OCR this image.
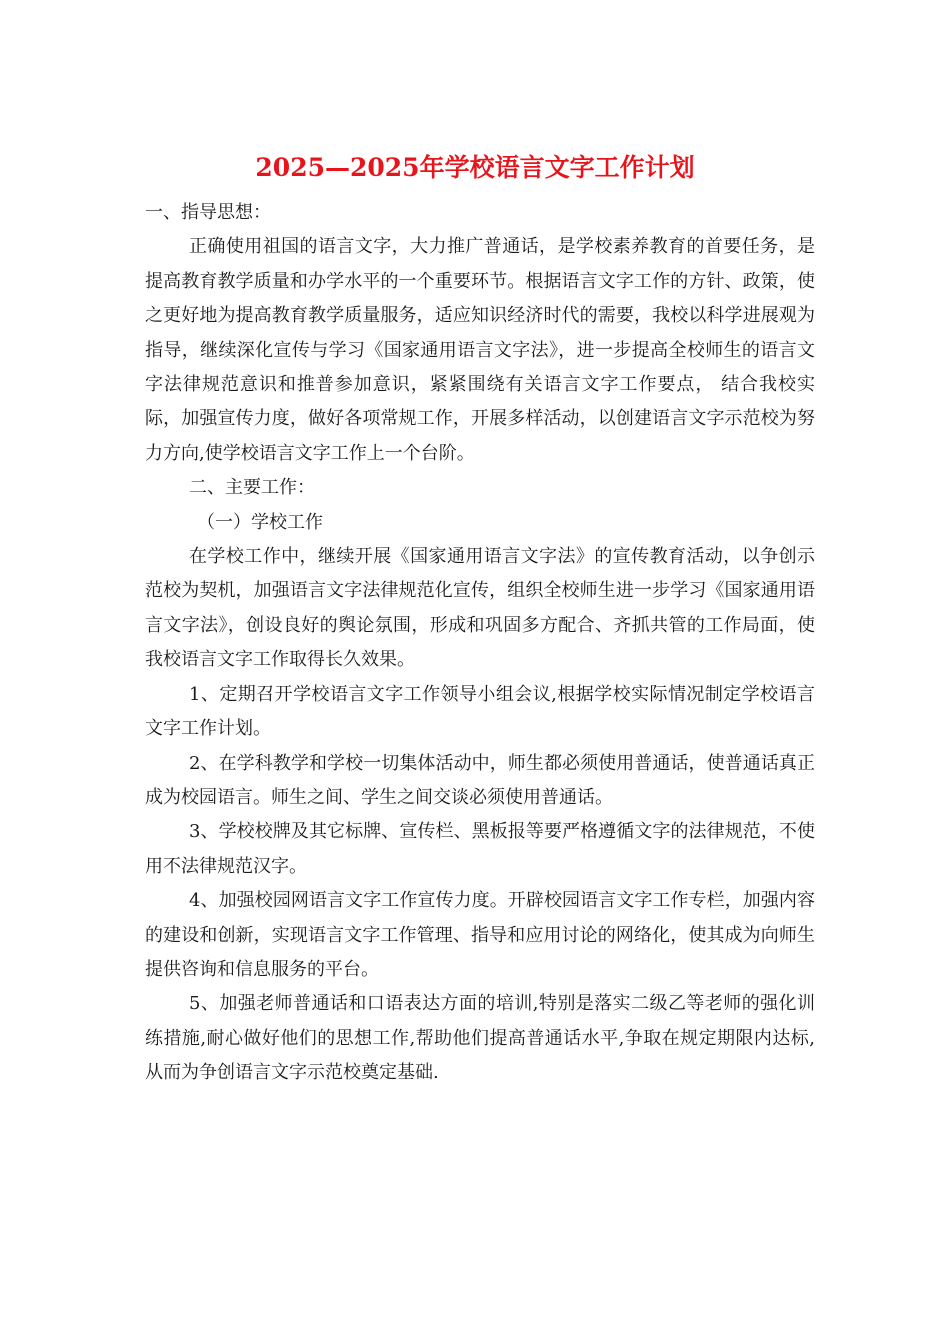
2025—2025年学校语言文字工作计划

一、指导思想：

正确使用祖国的语言文字，大力推广普通话，是学校素养教育的首要任务，是提高教育教学质量和办学水平的一个重要环节。根据语言文字工作的方针、政策，使之更好地为提高教育教学质量服务，适应知识经济时代的需要，我校以科学进展观为指导，继续深化宣传与学习《国家通用语言文字法》，进一步提高全校师生的语言文字法律规范意识和推普参加意识，紧紧围绕有关语言文字工作要点， 结合我校实际，加强宣传力度，做好各项常规工作，开展多样活动，以创建语言文字示范校为努力方向,使学校语言文字工作上一个台阶。

二、主要工作：

（一）学校工作

在学校工作中，继续开展《国家通用语言文字法》的宣传教育活动，以争创示范校为契机，加强语言文字法律规范化宣传，组织全校师生进一步学习《国家通用语言文字法》，创设良好的舆论氛围，形成和巩固多方配合、齐抓共管的工作局面，使我校语言文字工作取得长久效果。

1、定期召开学校语言文字工作领导小组会议,根据学校实际情况制定学校语言文字工作计划。

2、在学科教学和学校一切集体活动中，师生都必须使用普通话，使普通话真正成为校园语言。师生之间、学生之间交谈必须使用普通话。

3、学校校牌及其它标牌、宣传栏、黑板报等要严格遵循文字的法律规范，不使用不法律规范汉字。

4、加强校园网语言文字工作宣传力度。开辟校园语言文字工作专栏，加强内容的建设和创新，实现语言文字工作管理、指导和应用讨论的网络化，使其成为向师生提供咨询和信息服务的平台。

5、加强老师普通话和口语表达方面的培训,特别是落实二级乙等老师的强化训练措施,耐心做好他们的思想工作,帮助他们提高普通话水平,争取在规定期限内达标,从而为争创语言文字示范校奠定基础.
